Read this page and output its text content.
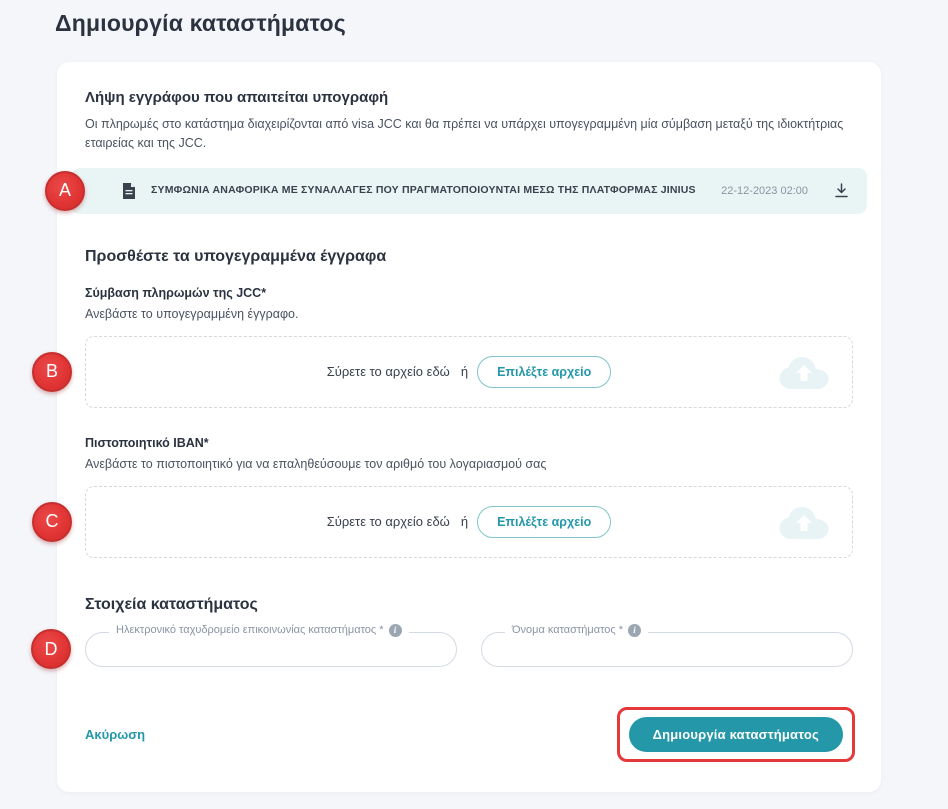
Δημιουργία καταστήματος
Λήψη εγγράφου που απαιτείται υπογραφή
Οι πληρωμές στο κατάστημα διαχειρίζονται από visa JCC και θα πρέπει να υπάρχει υπογεγραμμένη μία σύμβαση μεταξύ της ιδιοκτήτριας εταιρείας και της JCC.
A	ΣΥΜΦΩΝΙΑ ΑΝΑΦΟΡΙΚΑ ΜΕ ΣΥΝΑΛΛΑΓΕΣ ΠΟΥ ΠΡΑΓΜΑΤΟΠΟΙΟΥΝΤΑΙ ΜΕΣΩ ΤΗΣ ΠΛΑΤΦΟΡΜΑΣ JINIUS	22-12-2023 02:00
Προσθέστε τα υπογεγραμμένα έγγραφα
Σύμβαση πληρωμών της JCC*
Ανεβάστε το υπογεγραμμένη έγγραφο.
B	Σύρετε το αρχείο εδώ ή	Επιλέξτε αρχείο
Πιστοποιητικό IBAN*
Ανεβάστε το πιστοποιητικό για να επαληθεύσουμε τον αριθμό του λογαριασμού σας
C	Σύρετε το αρχείο εδώ ή	Επιλέξτε αρχείο
Στοιχεία καταστήματος
D
Ηλεκτρονικό ταχυδρομείο επικοινωνίας καταστήματος *	i	Όνομα καταστήματος *	i
Ακύρωση	Δημιουργία καταστήματος
